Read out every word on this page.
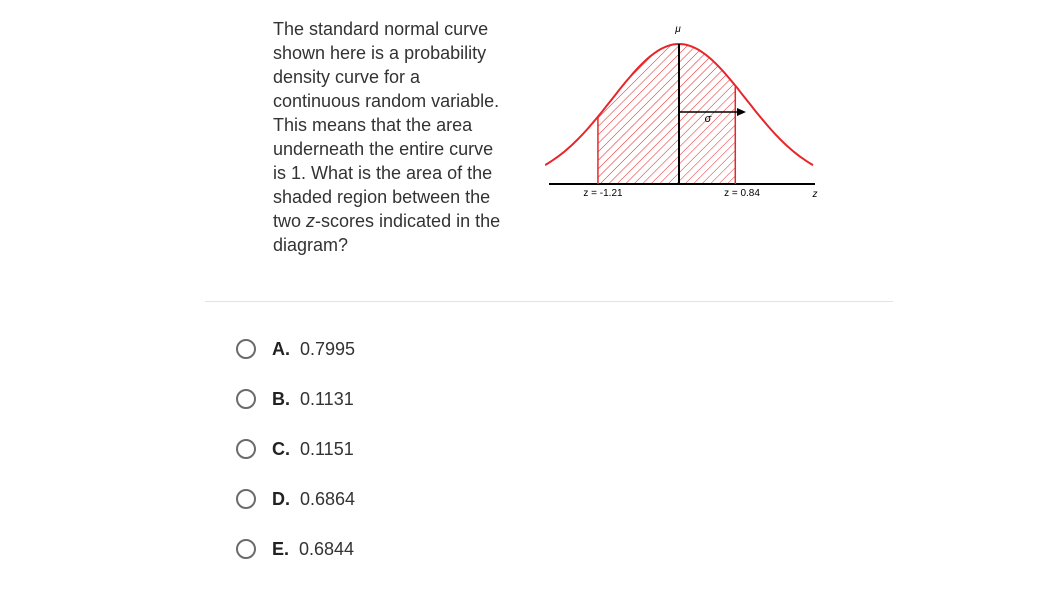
The standard normal curve
shown here is a probability
density curve for a
continuous random variable.
This means that the area
underneath the entire curve
is 1. What is the area of the
shaded region between the
two z-scores indicated in the
diagram?
μ
σ
z = -1.21	z = 0.84	z
A. 0.7995
B. 0.1131
C. 0.1151
D. 0.6864
E. 0.6844
